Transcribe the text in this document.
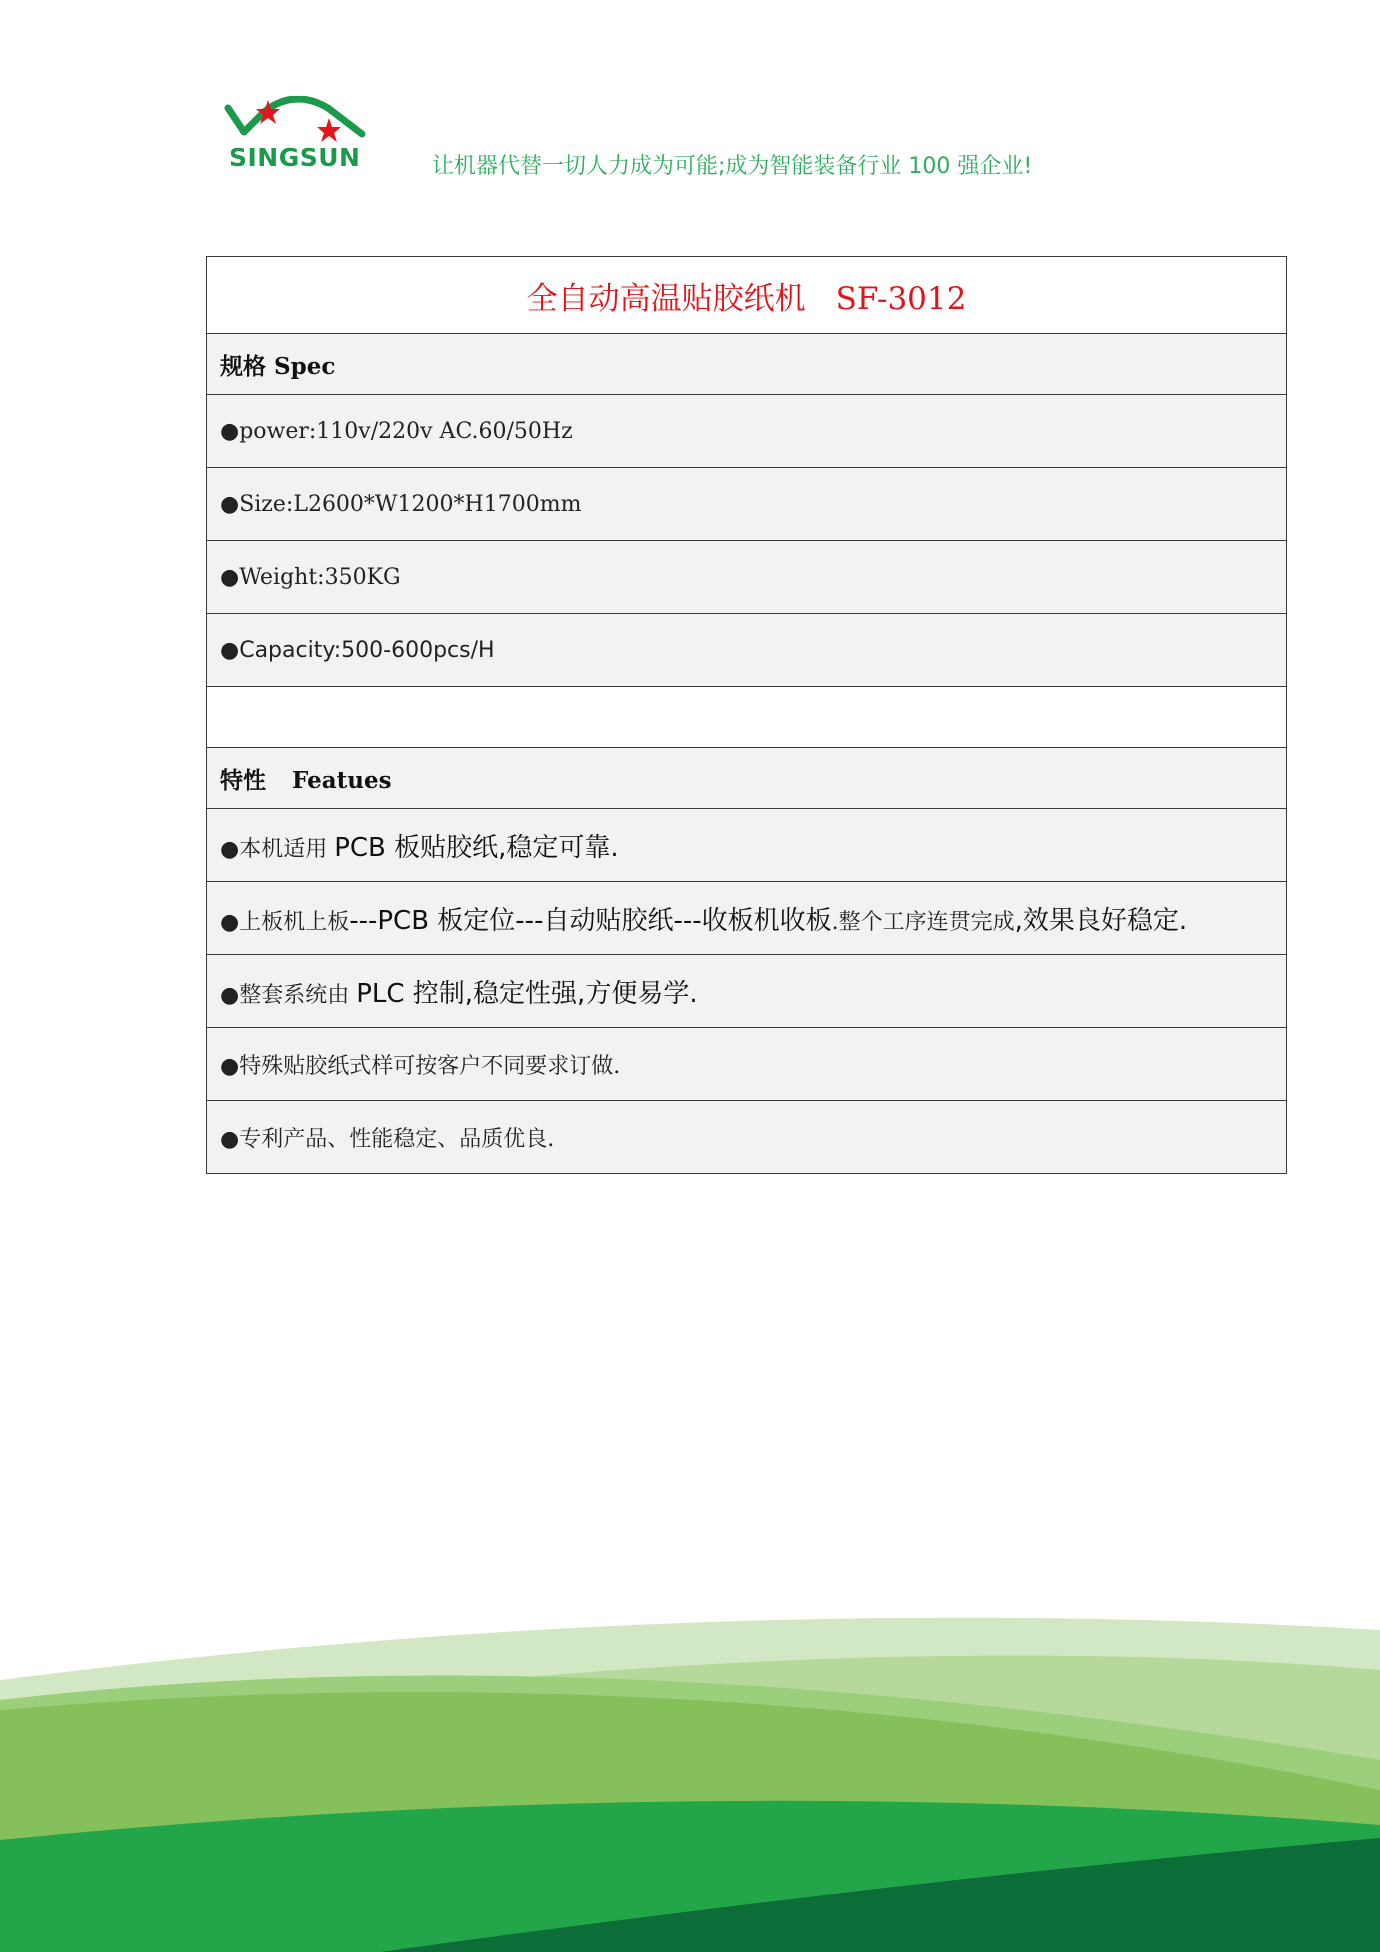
SINGSUN	让机器代替一切人力成为可能;成为智能装备行业 100 强企业!
全自动高温贴胶纸机 SF-3012
规格 Spec
●power:110v/220v AC.60/50Hz
●Size:L2600*W1200*H1700mm
●Weight:350KG
●Capacity:500-600pcs/H

特性 Featues
●本机适用 PCB 板贴胶纸,稳定可靠.
●上板机上板---PCB 板定位---自动贴胶纸---收板机收板.整个工序连贯完成,效果良好稳定.
●整套系统由 PLC 控制,稳定性强,方便易学.
●特殊贴胶纸式样可按客户不同要求订做.
●专利产品、性能稳定、品质优良.
